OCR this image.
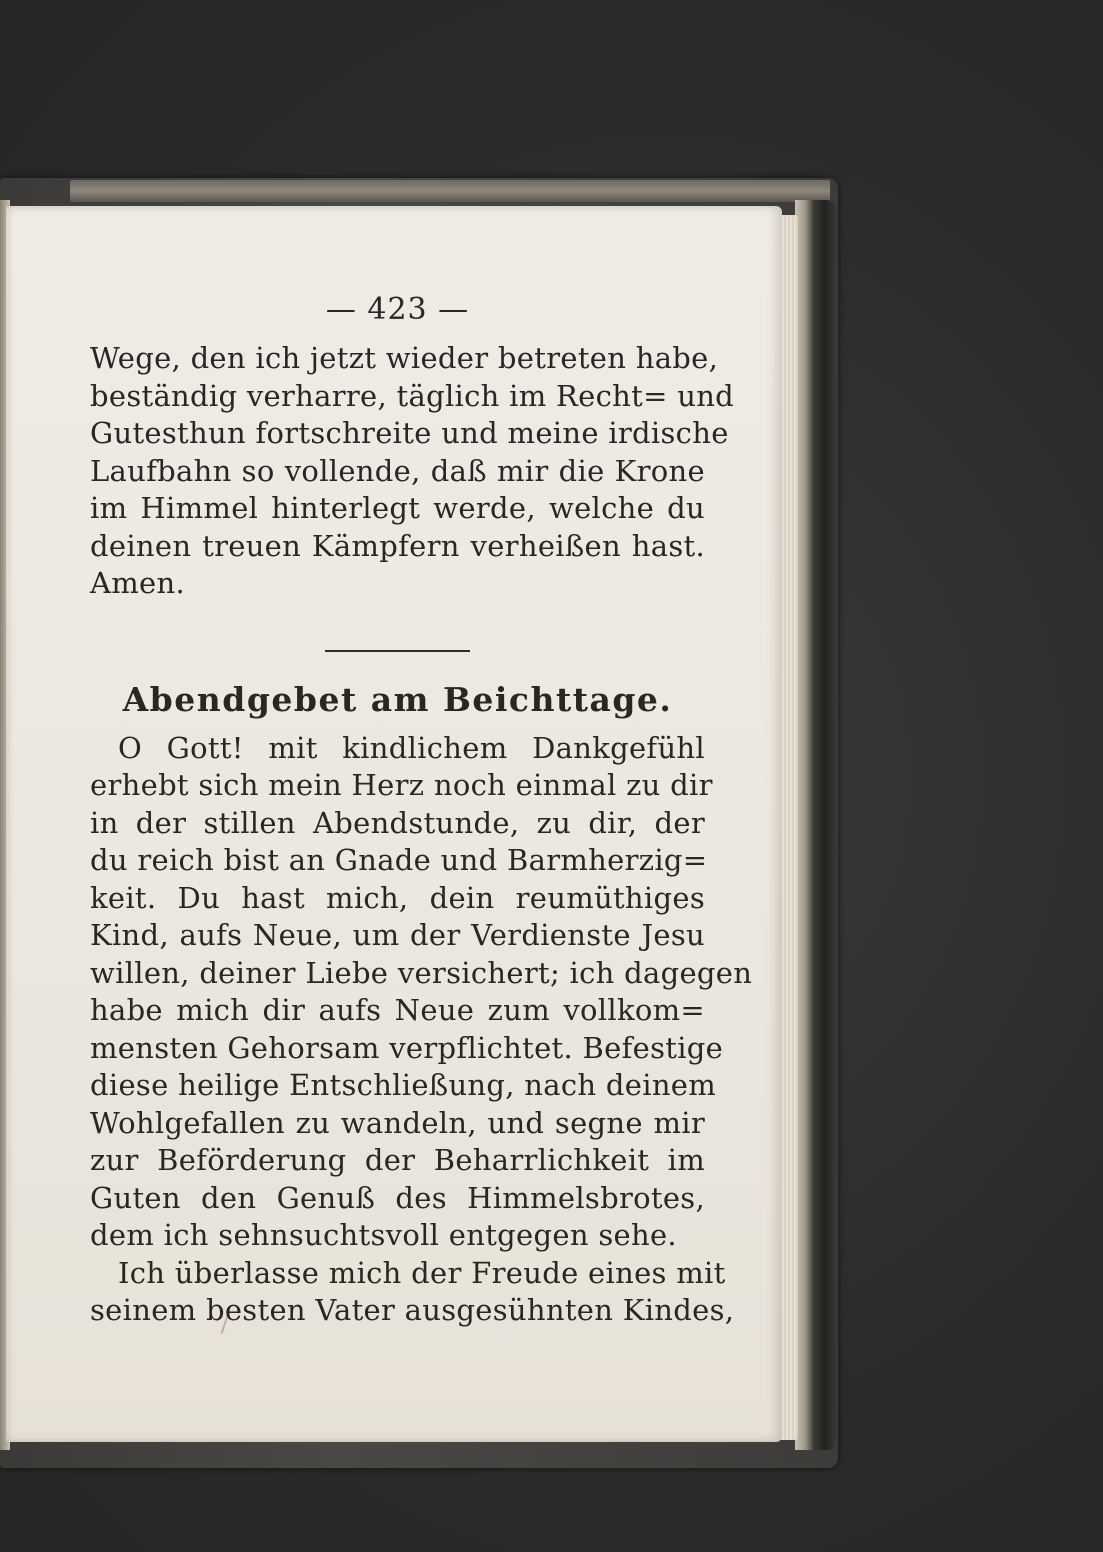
— 423 —
Wege, den ich jetzt wieder betreten habe,
beständig verharre, täglich im Recht= und
Gutesthun fortschreite und meine irdische
Laufbahn so vollende, daß mir die Krone
im Himmel hinterlegt werde, welche du
deinen treuen Kämpfern verheißen hast.
Amen.
Abendgebet am Beichttage.
O Gott! mit kindlichem Dankgefühl
erhebt sich mein Herz noch einmal zu dir
in der stillen Abendstunde, zu dir, der
du reich bist an Gnade und Barmherzig=
keit. Du hast mich, dein reumüthiges
Kind, aufs Neue, um der Verdienste Jesu
willen, deiner Liebe versichert; ich dagegen
habe mich dir aufs Neue zum vollkom=
mensten Gehorsam verpflichtet. Befestige
diese heilige Entschließung, nach deinem
Wohlgefallen zu wandeln, und segne mir
zur Beförderung der Beharrlichkeit im
Guten den Genuß des Himmelsbrotes,
dem ich sehnsuchtsvoll entgegen sehe.
Ich überlasse mich der Freude eines mit
seinem besten Vater ausgesühnten Kindes,
